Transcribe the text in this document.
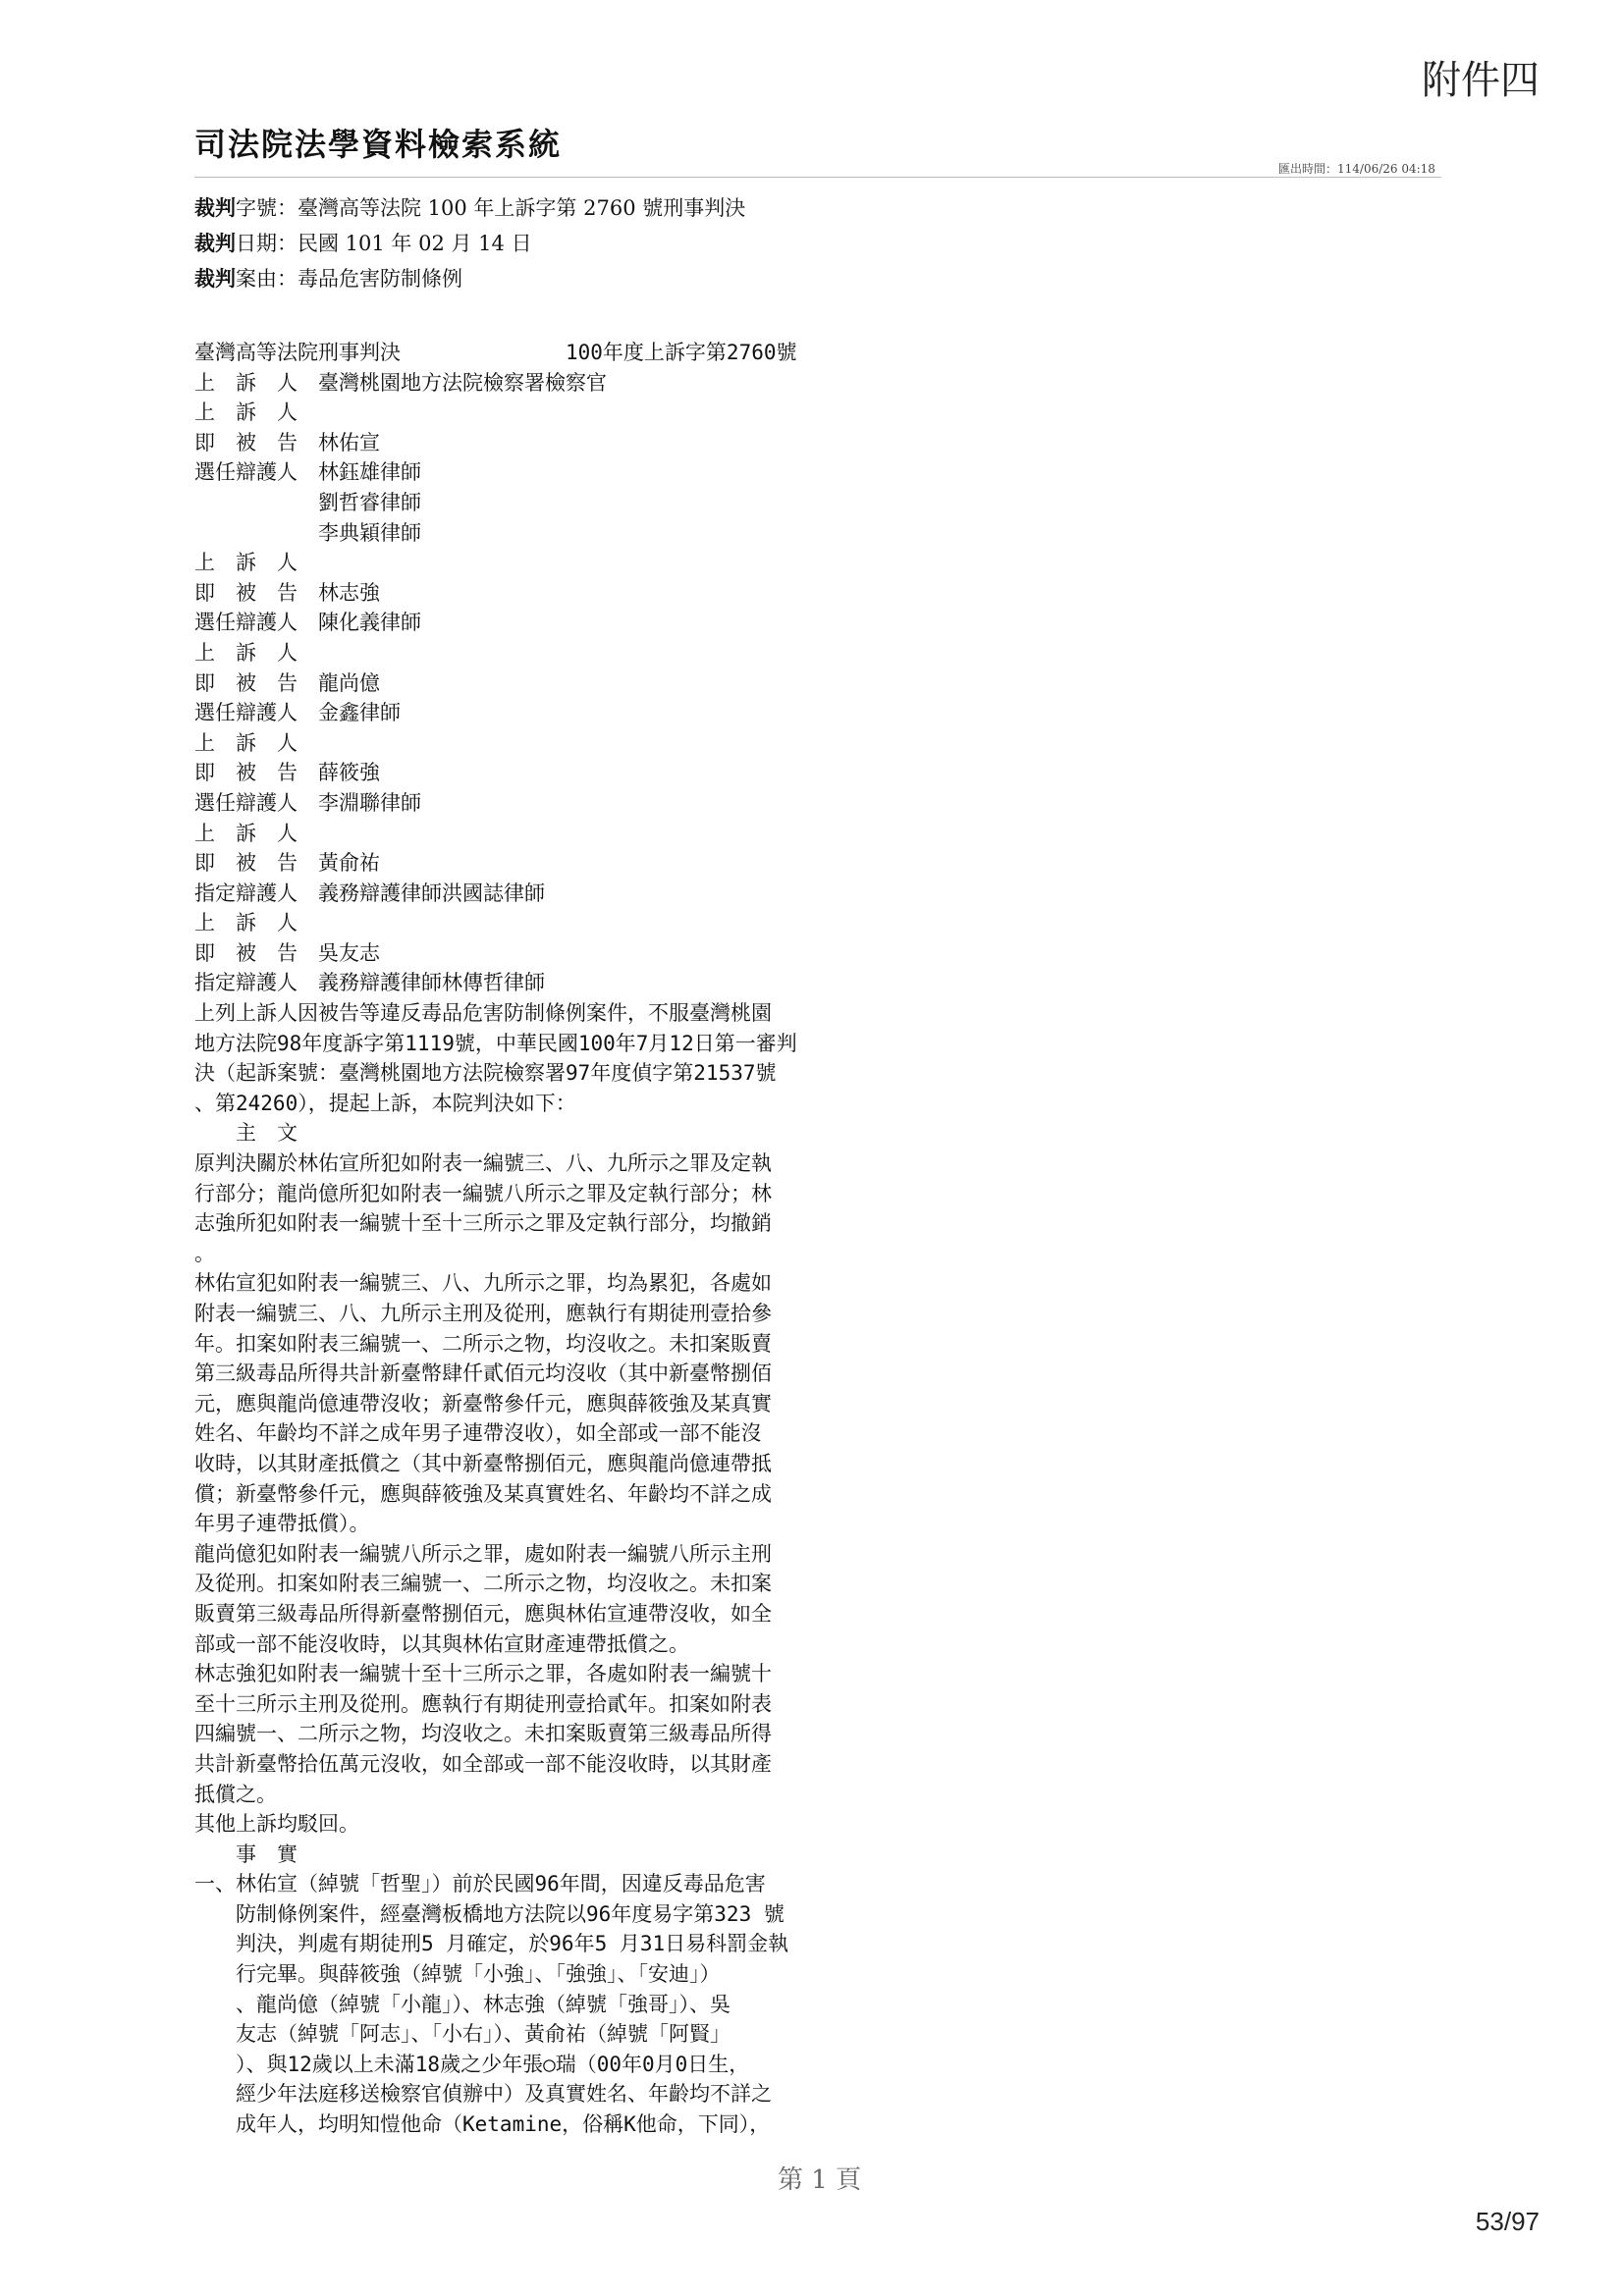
附件四
司法院法學資料檢索系統
匯出時間：114/06/26 04:18
裁判字號：臺灣高等法院 100 年上訴字第 2760 號刑事判決
裁判日期：民國 101 年 02 月 14 日
裁判案由：毒品危害防制條例
臺灣高等法院刑事判決　　　　　　　　100年度上訴字第2760號
上　訴　人　臺灣桃園地方法院檢察署檢察官
上　訴　人
即　被　告　林佑宣
選任辯護人　林鈺雄律師
　　　　　　劉哲睿律師
　　　　　　李典穎律師
上　訴　人
即　被　告　林志強
選任辯護人　陳化義律師
上　訴　人
即　被　告　龍尚億
選任辯護人　金鑫律師
上　訴　人
即　被　告　薛筱強
選任辯護人　李淵聯律師
上　訴　人
即　被　告　黃俞祐
指定辯護人　義務辯護律師洪國誌律師
上　訴　人
即　被　告　吳友志
指定辯護人　義務辯護律師林傳哲律師
上列上訴人因被告等違反毒品危害防制條例案件，不服臺灣桃園
地方法院98年度訴字第1119號，中華民國100年7月12日第一審判
決（起訴案號：臺灣桃園地方法院檢察署97年度偵字第21537號
、第24260），提起上訴，本院判決如下：
　　主　文
原判決關於林佑宣所犯如附表一編號三、八、九所示之罪及定執
行部分；龍尚億所犯如附表一編號八所示之罪及定執行部分；林
志強所犯如附表一編號十至十三所示之罪及定執行部分，均撤銷
。
林佑宣犯如附表一編號三、八、九所示之罪，均為累犯，各處如
附表一編號三、八、九所示主刑及從刑，應執行有期徒刑壹拾參
年。扣案如附表三編號一、二所示之物，均沒收之。未扣案販賣
第三級毒品所得共計新臺幣肆仟貳佰元均沒收（其中新臺幣捌佰
元，應與龍尚億連帶沒收；新臺幣參仟元，應與薛筱強及某真實
姓名、年齡均不詳之成年男子連帶沒收），如全部或一部不能沒
收時，以其財產抵償之（其中新臺幣捌佰元，應與龍尚億連帶抵
償；新臺幣參仟元，應與薛筱強及某真實姓名、年齡均不詳之成
年男子連帶抵償）。
龍尚億犯如附表一編號八所示之罪，處如附表一編號八所示主刑
及從刑。扣案如附表三編號一、二所示之物，均沒收之。未扣案
販賣第三級毒品所得新臺幣捌佰元，應與林佑宣連帶沒收，如全
部或一部不能沒收時，以其與林佑宣財產連帶抵償之。
林志強犯如附表一編號十至十三所示之罪，各處如附表一編號十
至十三所示主刑及從刑。應執行有期徒刑壹拾貳年。扣案如附表
四編號一、二所示之物，均沒收之。未扣案販賣第三級毒品所得
共計新臺幣拾伍萬元沒收，如全部或一部不能沒收時，以其財產
抵償之。
其他上訴均駁回。
　　事　實
一、林佑宣（綽號「哲聖」）前於民國96年間，因違反毒品危害
　　防制條例案件，經臺灣板橋地方法院以96年度易字第323 號
　　判決，判處有期徒刑5 月確定，於96年5 月31日易科罰金執
　　行完畢。與薛筱強（綽號「小強」、「強強」、「安迪」）
　　、龍尚億（綽號「小龍」）、林志強（綽號「強哥」）、吳
　　友志（綽號「阿志」、「小右」）、黃俞祐（綽號「阿賢」
　　）、與12歲以上未滿18歲之少年張○瑞（00年0月0日生，
　　經少年法庭移送檢察官偵辦中）及真實姓名、年齡均不詳之
　　成年人，均明知愷他命（Ketamine，俗稱K他命，下同），
第 1 頁
53/97
